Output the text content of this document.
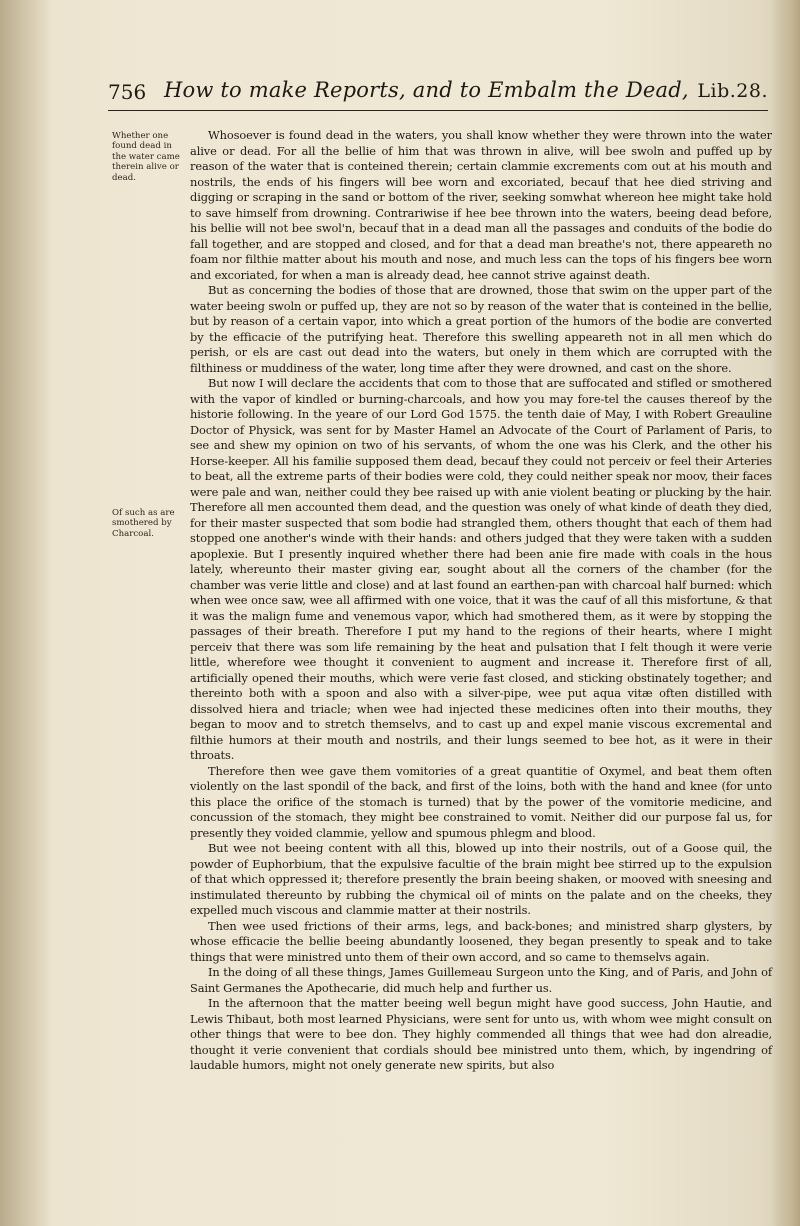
756 How to make Reports, and to Embalm the Dead, Lib.28.
Whether one found dead in the water came therein alive or dead.
Of such as are smothered by Charcoal.

Whosoever is found dead in the waters, you shall know whether they were thrown into the water alive or dead. For all the bellie of him that was thrown in alive, will bee swoln and puffed up by reason of the water that is conteined therein; certain clammie excrements com out at his mouth and nostrils, the ends of his fingers will bee worn and excoriated, becauf that hee died striving and digging or scraping in the sand or bottom of the river, seeking somwhat whereon hee might take hold to save himself from drowning. Contrariwise if hee bee thrown into the waters, beeing dead before, his bellie will not bee swol'n, becauf that in a dead man all the passages and conduits of the bodie do fall together, and are stopped and closed, and for that a dead man breathe's not, there appeareth no foam nor filthie matter about his mouth and nose, and much less can the tops of his fingers bee worn and excoriated, for when a man is already dead, hee cannot strive against death.

But as concerning the bodies of those that are drowned, those that swim on the upper part of the water beeing swoln or puffed up, they are not so by reason of the water that is conteined in the bellie, but by reason of a certain vapor, into which a great portion of the humors of the bodie are converted by the efficacie of the putrifying heat. Therefore this swelling appeareth not in all men which do perish, or els are cast out dead into the waters, but onely in them which are corrupted with the filthiness or muddiness of the water, long time after they were drowned, and cast on the shore.

But now I will declare the accidents that com to those that are suffocated and stifled or smothered with the vapor of kindled or burning-charcoals, and how you may fore-tel the causes thereof by the historie following. In the yeare of our Lord God 1575. the tenth daie of May, I with Robert Greauline Doctor of Physick, was sent for by Master Hamel an Advocate of the Court of Parlament of Paris, to see and shew my opinion on two of his servants, of whom the one was his Clerk, and the other his Horse-keeper. All his familie supposed them dead, becauf they could not perceiv or feel their Arteries to beat, all the extreme parts of their bodies were cold, they could neither speak nor moov, their faces were pale and wan, neither could they bee raised up with anie violent beating or plucking by the hair. Therefore all men accounted them dead, and the question was onely of what kinde of death they died, for their master suspected that som bodie had strangled them, others thought that each of them had stopped one another's winde with their hands: and others judged that they were taken with a sudden apoplexie. But I presently inquired whether there had been anie fire made with coals in the hous lately, whereunto their master giving ear, sought about all the corners of the chamber (for the chamber was verie little and close) and at last found an earthen-pan with charcoal half burned: which when wee once saw, wee all affirmed with one voice, that it was the cauf of all this misfortune, & that it was the malign fume and venemous vapor, which had smothered them, as it were by stopping the passages of their breath. Therefore I put my hand to the regions of their hearts, where I might perceiv that there was som life remaining by the heat and pulsation that I felt though it were verie little, wherefore wee thought it convenient to augment and increase it. Therefore first of all, artificially opened their mouths, which were verie fast closed, and sticking obstinately together; and thereinto both with a spoon and also with a silver-pipe, wee put aqua vitæ often distilled with dissolved hiera and triacle; when wee had injected these medicines often into their mouths, they began to moov and to stretch themselvs, and to cast up and expel manie viscous excremental and filthie humors at their mouth and nostrils, and their lungs seemed to bee hot, as it were in their throats.

Therefore then wee gave them vomitories of a great quantitie of Oxymel, and beat them often violently on the last spondil of the back, and first of the loins, both with the hand and knee (for unto this place the orifice of the stomach is turned) that by the power of the vomitorie medicine, and concussion of the stomach, they might bee constrained to vomit. Neither did our purpose fal us, for presently they voided clammie, yellow and spumous phlegm and blood.

But wee not beeing content with all this, blowed up into their nostrils, out of a Goose quil, the powder of Euphorbium, that the expulsive facultie of the brain might bee stirred up to the expulsion of that which oppressed it; therefore presently the brain beeing shaken, or mooved with sneesing and instimulated thereunto by rubbing the chymical oil of mints on the palate and on the cheeks, they expelled much viscous and clammie matter at their nostrils.

Then wee used frictions of their arms, legs, and back-bones; and ministred sharp glysters, by whose efficacie the bellie beeing abundantly loosened, they began presently to speak and to take things that were ministred unto them of their own accord, and so came to themselvs again.

In the doing of all these things, James Guillemeau Surgeon unto the King, and of Paris, and John of Saint Germanes the Apothecarie, did much help and further us.

In the afternoon that the matter beeing well begun might have good success, John Hautie, and Lewis Thibaut, both most learned Physicians, were sent for unto us, with whom wee might consult on other things that were to bee don. They highly commended all things that wee had don alreadie, thought it verie convenient that cordials should bee ministred unto them, which, by ingendring of laudable humors, might not onely generate new spirits, but also
